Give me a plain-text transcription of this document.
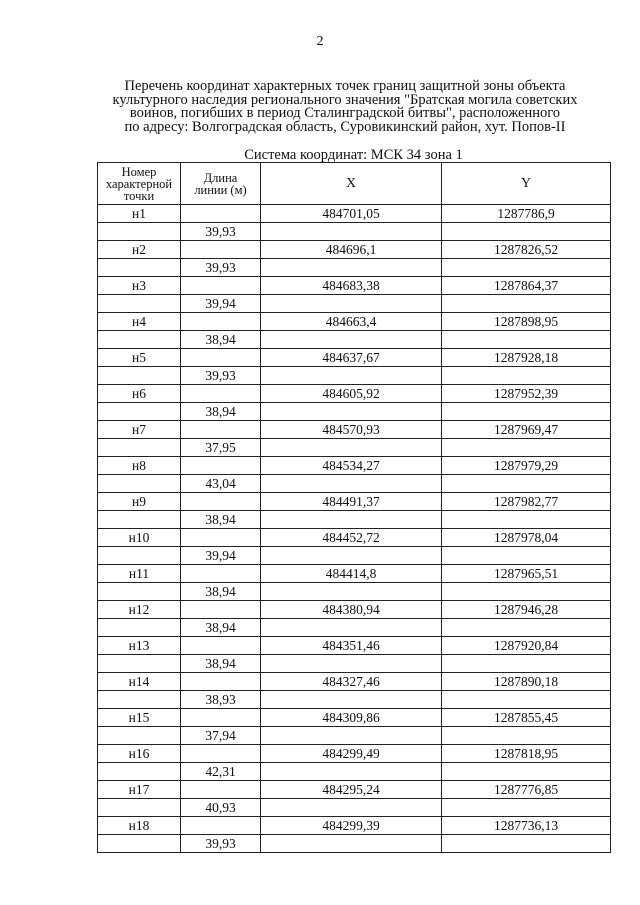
2
Перечень координат характерных точек границ защитной зоны объекта
культурного наследия регионального значения "Братская могила советских
воинов, погибших в период Сталинградской битвы", расположенного
по адресу: Волгоградская область, Суровикинский район, хут. Попов-II
Система координат: МСК 34 зона 1
Номер
характерной
точки	Длина
линии (м)	X	Y
н1		484701,05	1287786,9
	39,93		
н2		484696,1	1287826,52
	39,93		
н3		484683,38	1287864,37
	39,94		
н4		484663,4	1287898,95
	38,94		
н5		484637,67	1287928,18
	39,93		
н6		484605,92	1287952,39
	38,94		
н7		484570,93	1287969,47
	37,95		
н8		484534,27	1287979,29
	43,04		
н9		484491,37	1287982,77
	38,94		
н10		484452,72	1287978,04
	39,94		
н11		484414,8	1287965,51
	38,94		
н12		484380,94	1287946,28
	38,94		
н13		484351,46	1287920,84
	38,94		
н14		484327,46	1287890,18
	38,93		
н15		484309,86	1287855,45
	37,94		
н16		484299,49	1287818,95
	42,31		
н17		484295,24	1287776,85
	40,93		
н18		484299,39	1287736,13
	39,93		
